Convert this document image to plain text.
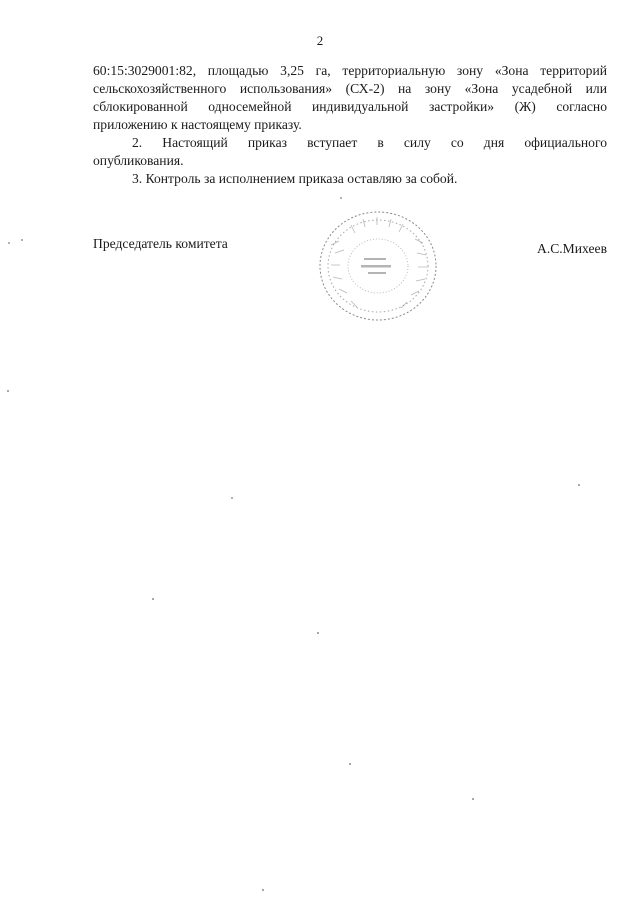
2
60:15:3029001:82, площадью 3,25 га, территориальную зону «Зона территорий
сельскохозяйственного использования» (СХ-2) на зону «Зона усадебной или
сблокированной односемейной индивидуальной застройки» (Ж) согласно
приложению к настоящему приказу.
2. Настоящий приказ вступает в силу со дня официального
опубликования.
3. Контроль за исполнением приказа оставляю за собой.
Председатель комитета	А.С.Михеев
